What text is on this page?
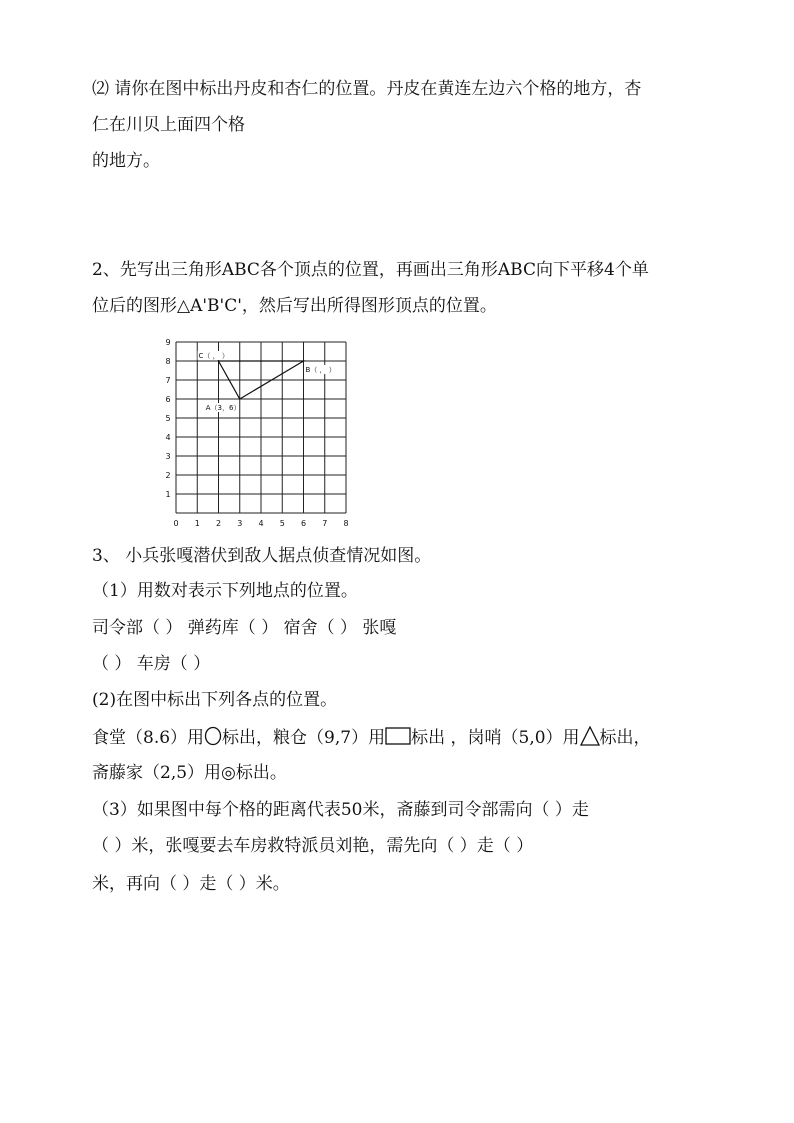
⑵ 请你在图中标出丹皮和杏仁的位置。丹皮在黄连左边六个格的地方，杏
仁在川贝上面四个格
的地方。
2、先写出三角形ABC各个顶点的位置，再画出三角形ABC向下平移4个单
位后的图形△A'B'C'，然后写出所得图形顶点的位置。
0 1 2 3 4 5 6 7 8
1
2
3
4
5
6
7
8
9
A（3，6）
B（ ， ）
C（ ， ）
3、 小兵张嘎潜伏到敌人据点侦查情况如图。
（1）用数对表示下列地点的位置。
司令部（ ） 弹药库（ ） 宿舍（ ） 张嘎
（ ） 车房（ ）
(2)在图中标出下列各点的位置。
食堂（8.6）用 标出，粮仓（9,7）用 标出 ，岗哨（5,0）用 标出，
斋藤家（2,5）用◎标出。
（3）如果图中每个格的距离代表50米，斋藤到司令部需向（ ）走
（ ）米，张嘎要去车房救特派员刘艳，需先向（ ）走（ ）
米，再向（ ）走（ ）米。
